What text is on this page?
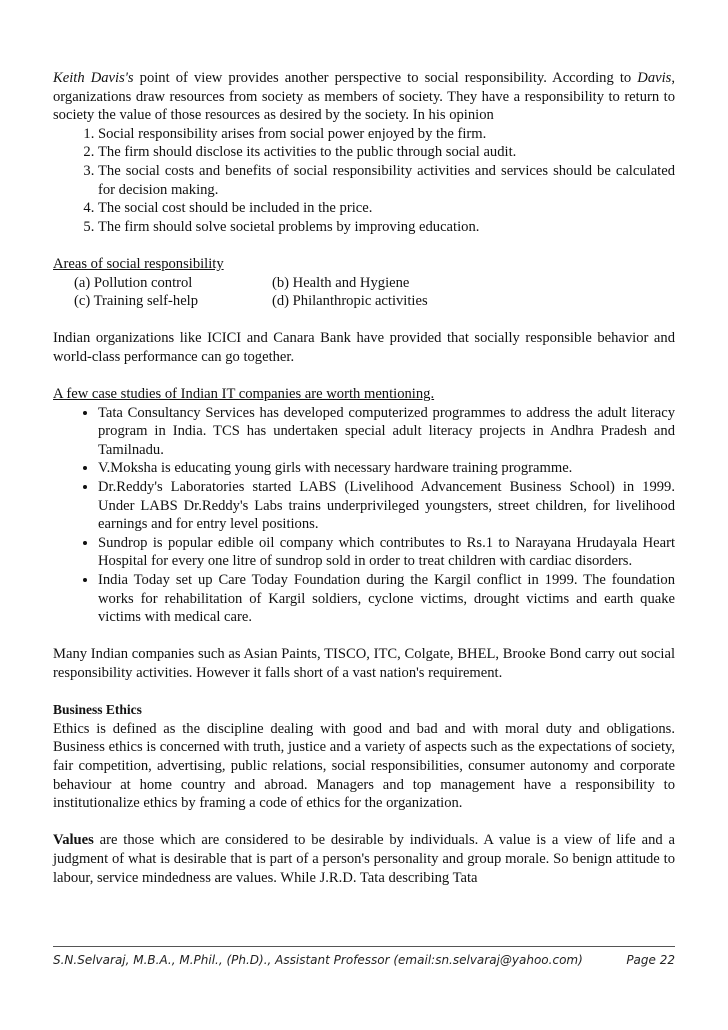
Keith Davis's point of view provides another perspective to social responsibility. According to Davis, organizations draw resources from society as members of society. They have a responsibility to return to society the value of those resources as desired by the society. In his opinion

1. Social responsibility arises from social power enjoyed by the firm.
2. The firm should disclose its activities to the public through social audit.
3. The social costs and benefits of social responsibility activities and services should be calculated for decision making.
4. The social cost should be included in the price.
5. The firm should solve societal problems by improving education.

Areas of social responsibility

(a) Pollution control	(b) Health and Hygiene
(c) Training self-help	(d) Philanthropic activities

Indian organizations like ICICI and Canara Bank have provided that socially responsible behavior and world-class performance can go together.

A few case studies of Indian IT companies are worth mentioning.

• Tata Consultancy Services has developed computerized programmes to address the adult literacy program in India. TCS has undertaken special adult literacy projects in Andhra Pradesh and Tamilnadu.
• V.Moksha is educating young girls with necessary hardware training programme.
• Dr.Reddy's Laboratories started LABS (Livelihood Advancement Business School) in 1999. Under LABS Dr.Reddy's Labs trains underprivileged youngsters, street children, for livelihood earnings and for entry level positions.
• Sundrop is popular edible oil company which contributes to Rs.1 to Narayana Hrudayala Heart Hospital for every one litre of sundrop sold in order to treat children with cardiac disorders.
• India Today set up Care Today Foundation during the Kargil conflict in 1999. The foundation works for rehabilitation of Kargil soldiers, cyclone victims, drought victims and earth quake victims with medical care.

Many Indian companies such as Asian Paints, TISCO, ITC, Colgate, BHEL, Brooke Bond carry out social responsibility activities. However it falls short of a vast nation's requirement.

Business Ethics

Ethics is defined as the discipline dealing with good and bad and with moral duty and obligations. Business ethics is concerned with truth, justice and a variety of aspects such as the expectations of society, fair competition, advertising, public relations, social responsibilities, consumer autonomy and corporate behaviour at home country and abroad. Managers and top management have a responsibility to institutionalize ethics by framing a code of ethics for the organization.

Values are those which are considered to be desirable by individuals. A value is a view of life and a judgment of what is desirable that is part of a person's personality and group morale. So benign attitude to labour, service mindedness are values. While J.R.D. Tata describing Tata

S.N.Selvaraj, M.B.A., M.Phil., (Ph.D)., Assistant Professor (email:sn.selvaraj@yahoo.com)	Page 22
